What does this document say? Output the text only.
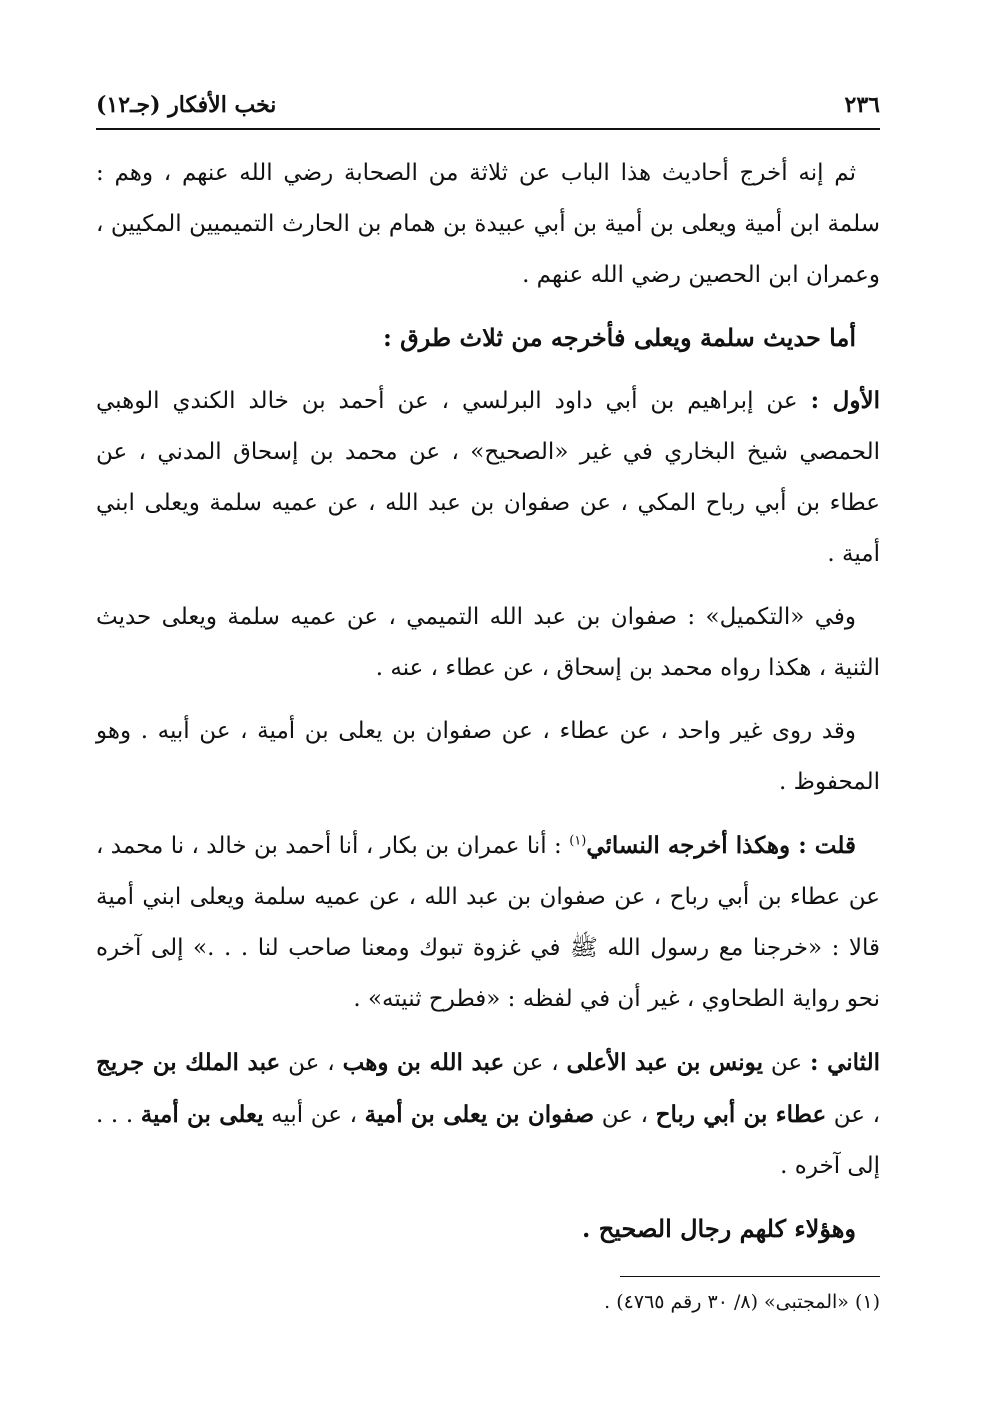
٢٣٦
نخب الأفكار (جـ١٢)

ثم إنه أخرج أحاديث هذا الباب عن ثلاثة من الصحابة رضي الله عنهم ، وهم : سلمة ابن أمية ويعلى بن أمية بن أبي عبيدة بن همام بن الحارث التميميين المكيين ، وعمران ابن الحصين رضي الله عنهم .

أما حديث سلمة ويعلى فأخرجه من ثلاث طرق :

الأول : عن إبراهيم بن أبي داود البرلسي ، عن أحمد بن خالد الكندي الوهبي الحمصي شيخ البخاري في غير «الصحيح» ، عن محمد بن إسحاق المدني ، عن عطاء بن أبي رباح المكي ، عن صفوان بن عبد الله ، عن عميه سلمة ويعلى ابني أمية .

وفي «التكميل» : صفوان بن عبد الله التميمي ، عن عميه سلمة ويعلى حديث الثنية ، هكذا رواه محمد بن إسحاق ، عن عطاء ، عنه .

وقد روى غير واحد ، عن عطاء ، عن صفوان بن يعلى بن أمية ، عن أبيه . وهو المحفوظ .

قلت : وهكذا أخرجه النسائي$^{(١)}$ : أنا عمران بن بكار ، أنا أحمد بن خالد ، نا محمد ، عن عطاء بن أبي رباح ، عن صفوان بن عبد الله ، عن عميه سلمة ويعلى ابني أمية قالا : «خرجنا مع رسول الله ﷺ في غزوة تبوك ومعنا صاحب لنا . . .» إلى آخره نحو رواية الطحاوي ، غير أن في لفظه : «فطرح ثنيته» .

الثاني : عن يونس بن عبد الأعلى ، عن عبد الله بن وهب ، عن عبد الملك بن جريج ، عن عطاء بن أبي رباح ، عن صفوان بن يعلى بن أمية ، عن أبيه يعلى بن أمية . . . إلى آخره .

وهؤلاء كلهم رجال الصحيح .
(١) «المجتبى» (٨/ ٣٠ رقم ٤٧٦٥) .
